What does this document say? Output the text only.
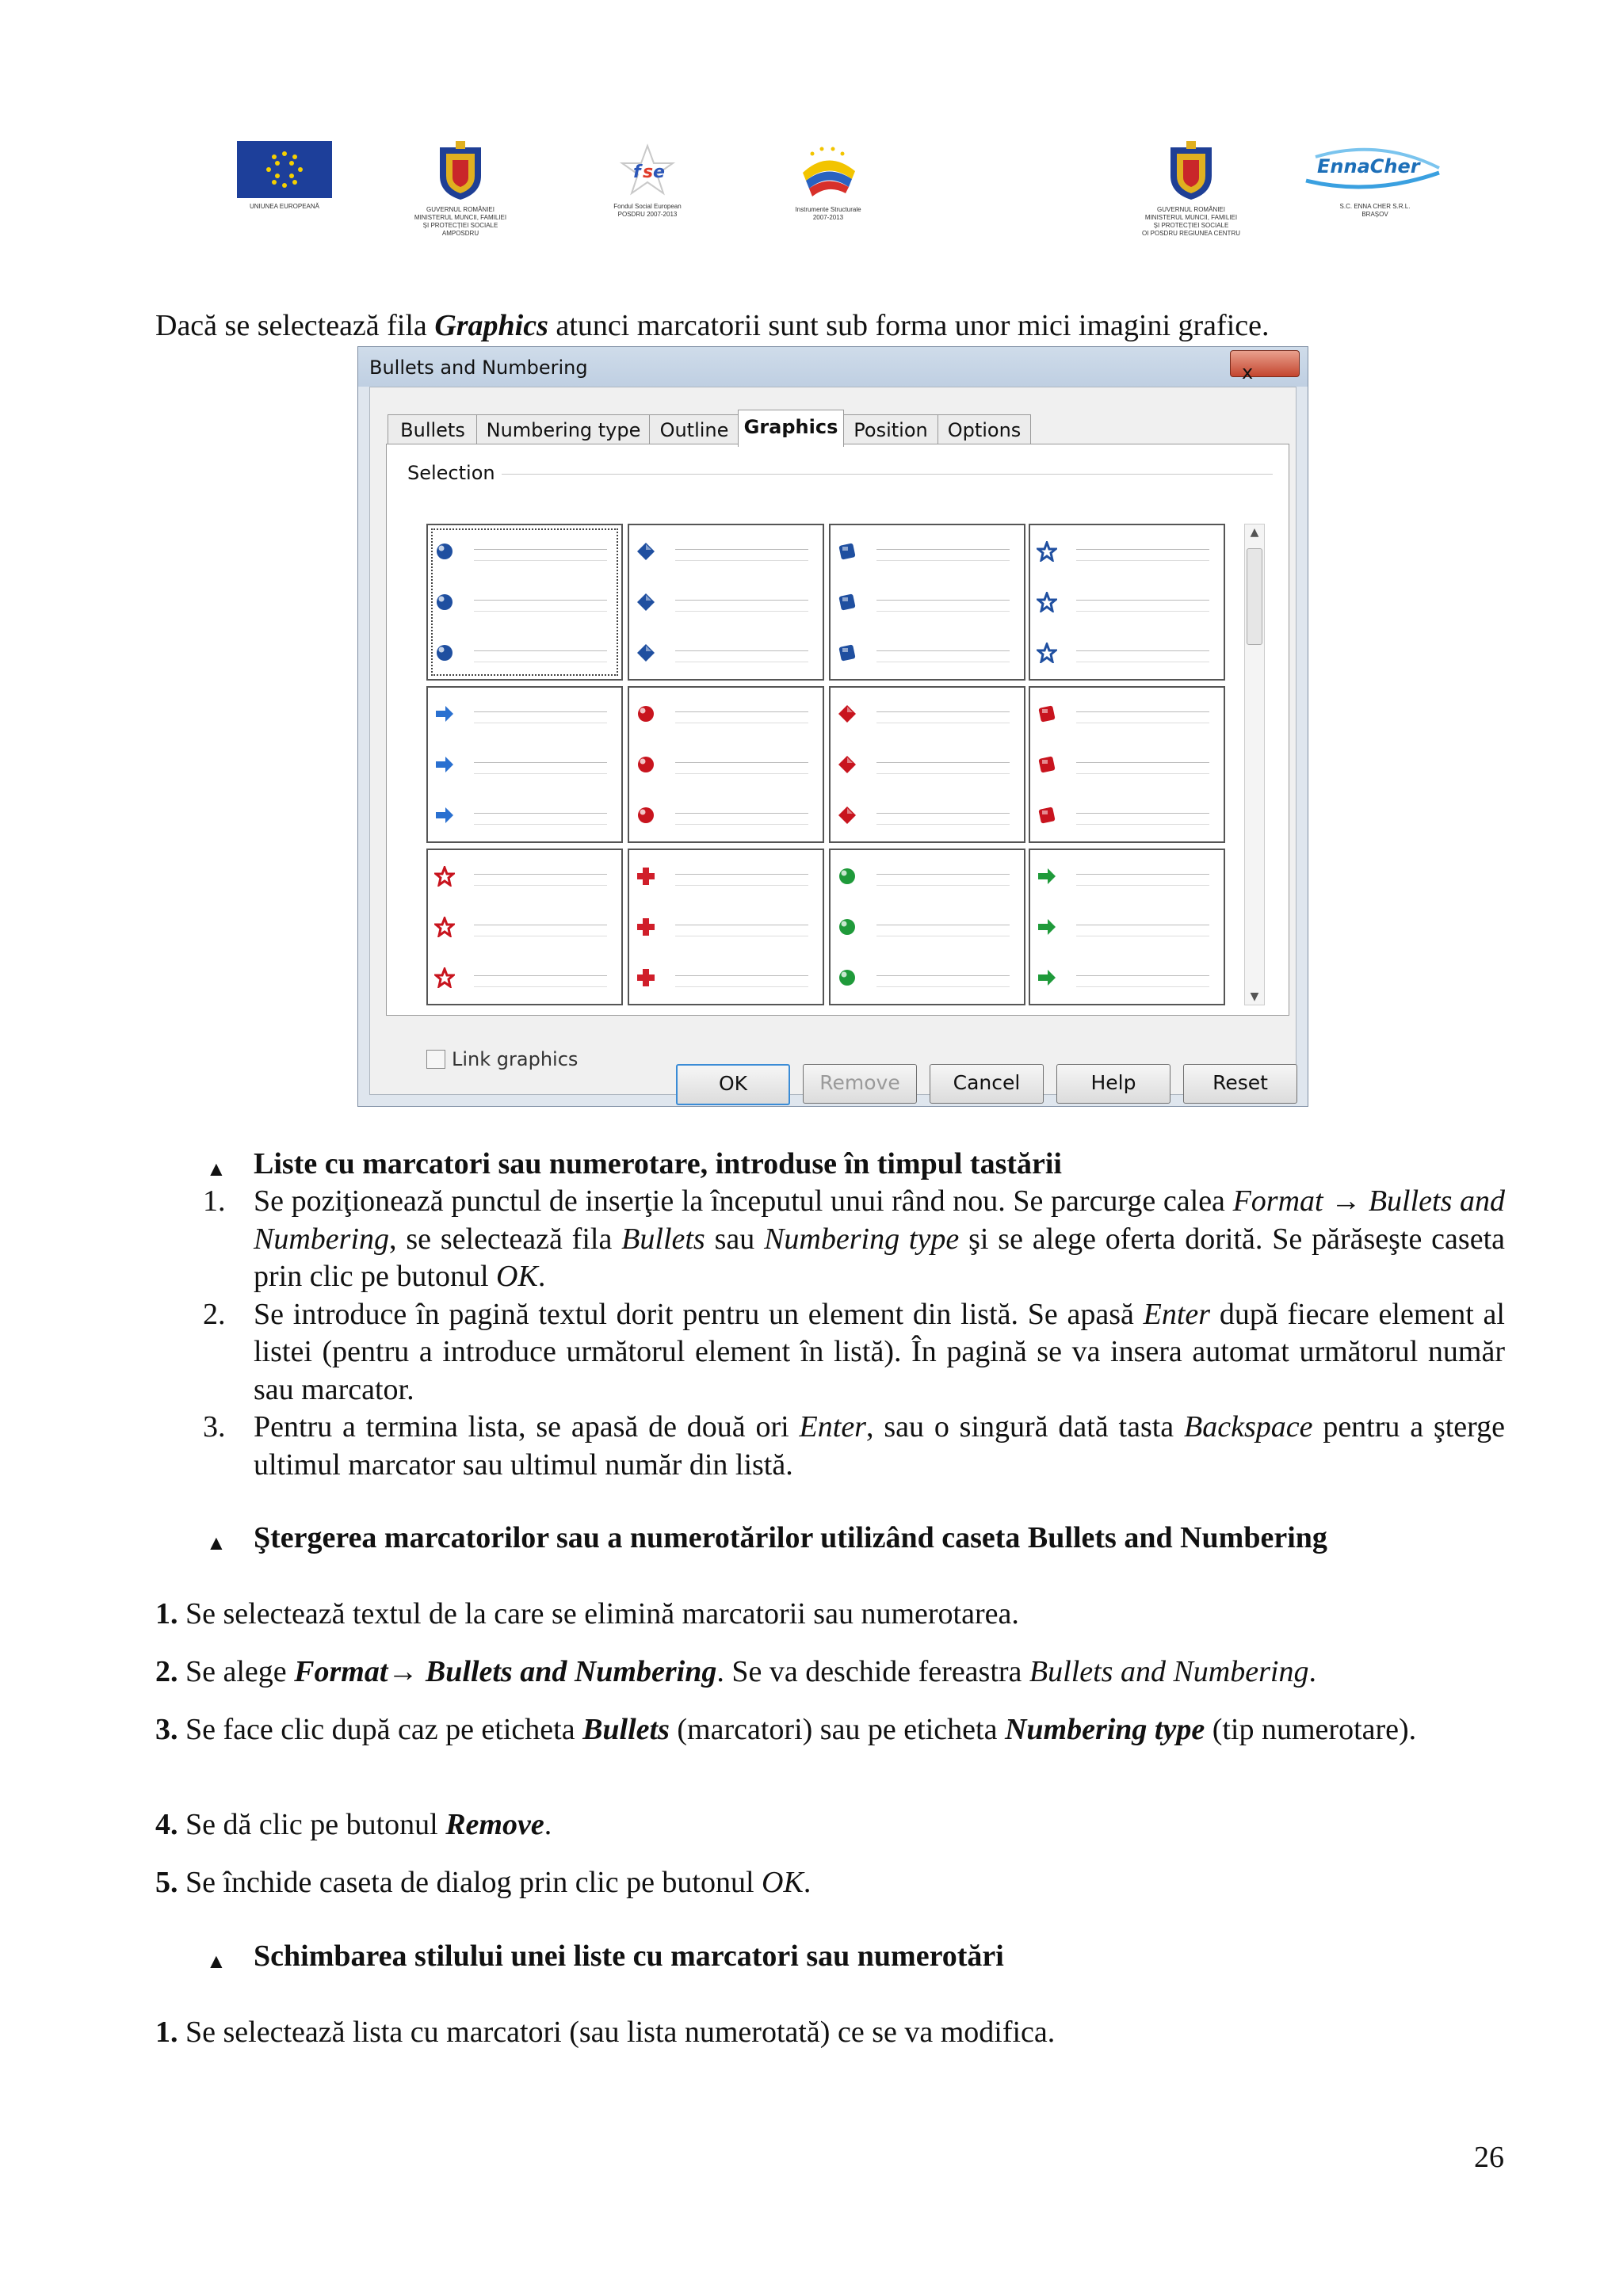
UNIUNEA EUROPEANĂ	GUVERNUL ROMÂNIEI
MINISTERUL MUNCII, FAMILIEI
ȘI PROTECȚIEI SOCIALE
AMPOSDRU
f s e
Fondul Social European
POSDRU 2007-2013
Instrumente Structurale
2007-2013
GUVERNUL ROMÂNIEI
MINISTERUL MUNCII, FAMILIEI
ȘI PROTECȚIEI SOCIALE
OI POSDRU REGIUNEA CENTRU
EnnaCher
S.C. ENNA CHER S.R.L.
BRAȘOV
Dacă se selectează fila Graphics atunci marcatorii sunt sub forma unor mici imagini grafice.
Bullets and Numbering	x
Bullets	Numbering type	Outline Graphics Position	Options
Selection
▲
▼
Link graphics
OK	Remove	Cancel	Help	Reset
▲ Liste cu marcatori sau numerotare, introduse în timpul tastării
1. Se poziţionează punctul de inserţie la începutul unui rând nou. Se parcurge calea Format → Bullets and Numbering, se selectează fila Bullets sau Numbering type şi se alege oferta dorită. Se părăseşte caseta prin clic pe butonul OK.
2. Se introduce în pagină textul dorit pentru un element din listă. Se apasă Enter după fiecare element al listei (pentru a introduce următorul element în listă). În pagină se va insera automat următorul număr sau marcator.
3. Pentru a termina lista, se apasă de două ori Enter, sau o singură dată tasta Backspace pentru a şterge ultimul marcator sau ultimul număr din listă.
▲ Ştergerea marcatorilor sau a numerotărilor utilizând caseta Bullets and Numbering
1. Se selectează textul de la care se elimină marcatorii sau numerotarea.
2. Se alege Format→ Bullets and Numbering. Se va deschide fereastra Bullets and Numbering.
3. Se face clic după caz pe eticheta Bullets (marcatori) sau pe eticheta Numbering type (tip numerotare).
4. Se dă clic pe butonul Remove.
5. Se închide caseta de dialog prin clic pe butonul OK.
▲ Schimbarea stilului unei liste cu marcatori sau numerotări
1. Se selectează lista cu marcatori (sau lista numerotată) ce se va modifica.
26
